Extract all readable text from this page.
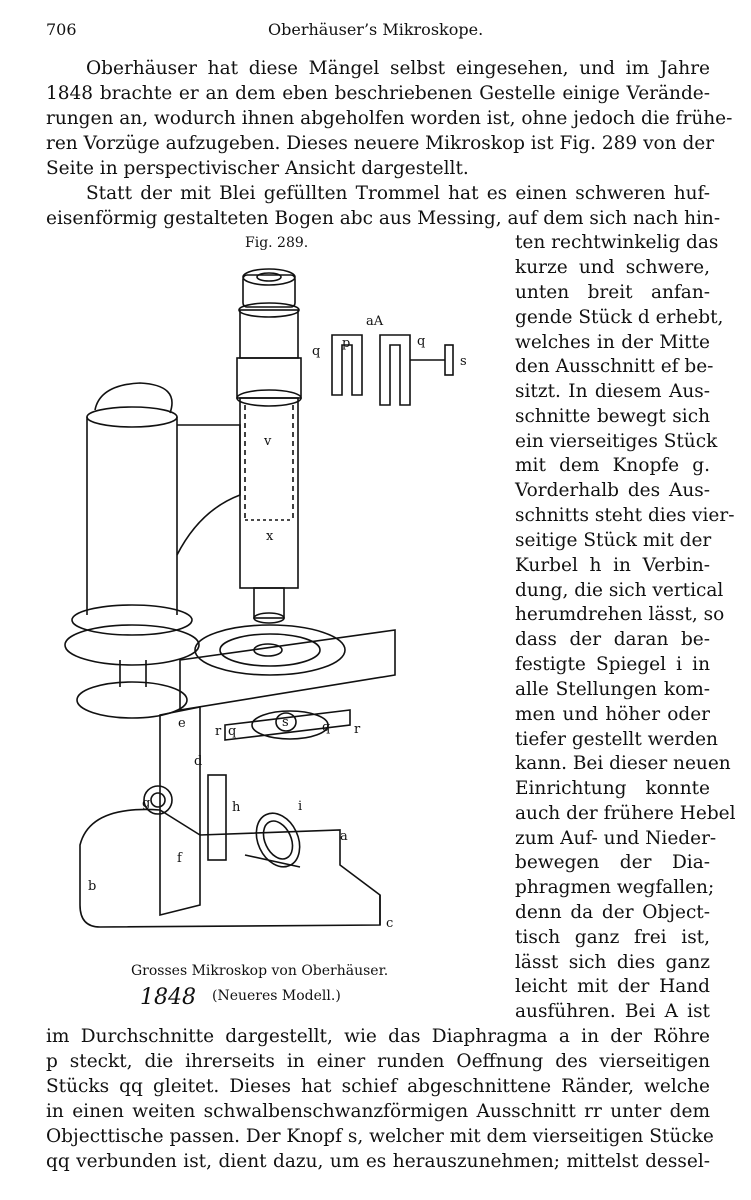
706	Oberhäuser’s Mikroskope.
Oberhäuser hat diese Mängel selbst eingesehen, und im Jahre
1848 brachte er an dem eben beschriebenen Gestelle einige Verände-
rungen an, wodurch ihnen abgeholfen worden ist, ohne jedoch die frühe-
ren Vorzüge aufzugeben. Dieses neuere Mikroskop ist Fig. 289 von der
Seite in perspectivischer Ansicht dargestellt.
Statt der mit Blei gefüllten Trommel hat es einen schweren huf-
eisenförmig gestalteten Bogen abc aus Messing, auf dem sich nach hin-
Fig. 289.	ten rechtwinkelig das
kurze und schwere,
unten breit anfan-
gende Stück d erhebt,
welches in der Mitte
den Ausschnitt ef be-
sitzt. In diesem Aus-
schnitte bewegt sich
ein vierseitiges Stück
mit dem Knopfe g.
Vorderhalb des Aus-
schnitts steht dies vier-
seitige Stück mit der
Kurbel h in Verbin-
dung, die sich vertical
herumdrehen lässt, so
dass der daran be-
festigte Spiegel i in
alle Stellungen kom-
men und höher oder
tiefer gestellt werden
kann. Bei dieser neuen
Einrichtung konnte
auch der frühere Hebel
zum Auf- und Nieder-
bewegen der Dia-
phragmen wegfallen;
denn da der Object-
tisch ganz frei ist,
lässt sich dies ganz
leicht mit der Hand
ausführen. Bei A ist
v
x
e
d
g	h	i
a
f
b
c
r q
s	q r
aA
p
q
q
s
Grosses Mikroskop von Oberhäuser.
1848 (Neueres Modell.)
im Durchschnitte dargestellt, wie das Diaphragma a in der Röhre
p steckt, die ihrerseits in einer runden Oeffnung des vierseitigen
Stücks qq gleitet. Dieses hat schief abgeschnittene Ränder, welche
in einen weiten schwalbenschwanzförmigen Ausschnitt rr unter dem
Objecttische passen. Der Knopf s, welcher mit dem vierseitigen Stücke
qq verbunden ist, dient dazu, um es herauszunehmen; mittelst dessel-
